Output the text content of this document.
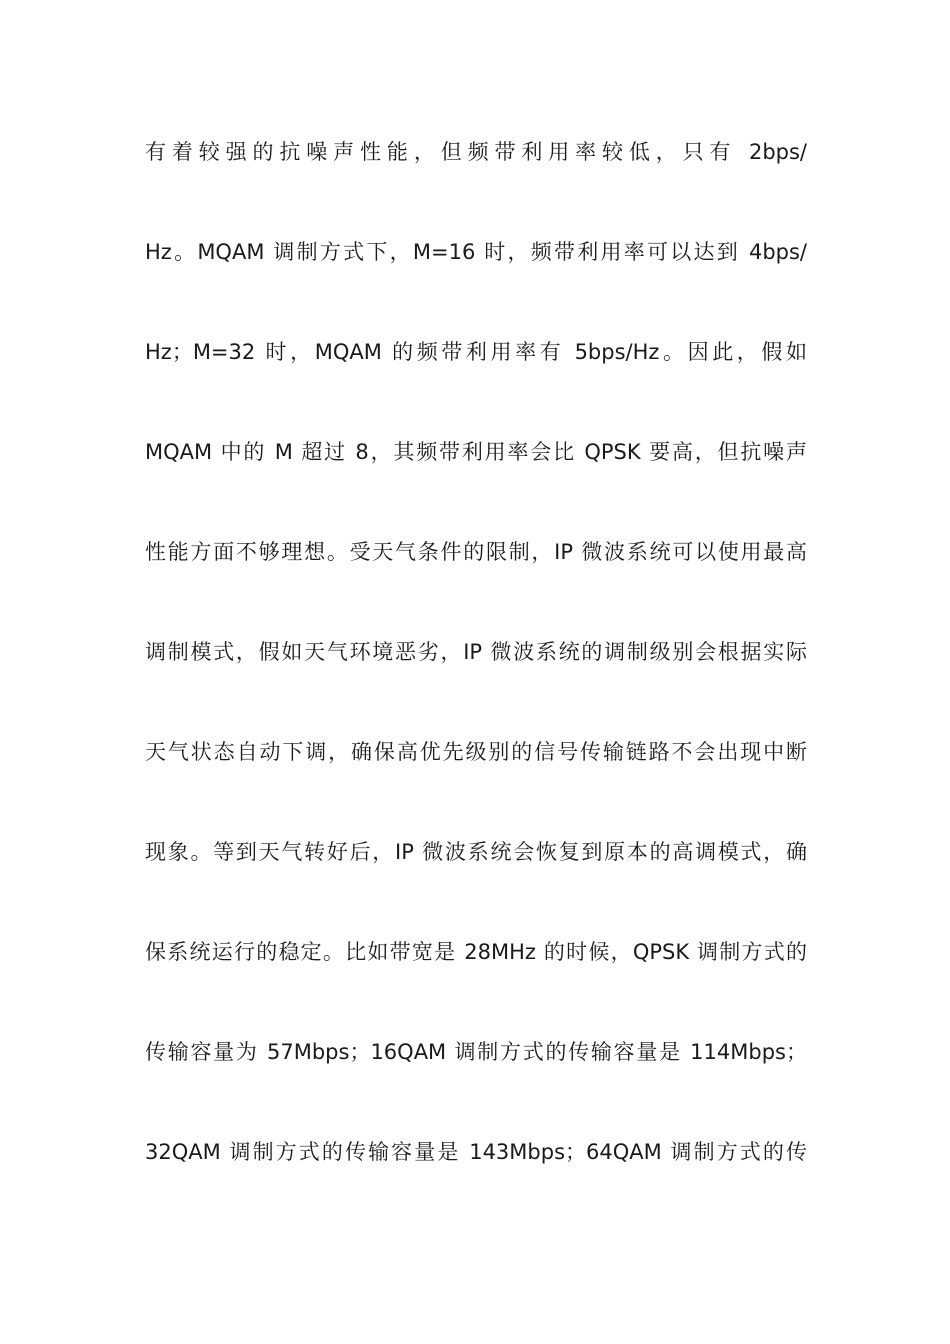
有着较强的抗噪声性能，但频带利用率较低，只有 2bps/
Hz。MQAM 调制方式下，M=16 时，频带利用率可以达到 4bps/
Hz；M=32 时，MQAM 的频带利用率有 5bps/Hz。因此，假如
MQAM 中的 M 超过 8，其频带利用率会比 QPSK 要高，但抗噪声
性能方面不够理想。受天气条件的限制，IP 微波系统可以使用最高
调制模式，假如天气环境恶劣，IP 微波系统的调制级别会根据实际
天气状态自动下调，确保高优先级别的信号传输链路不会出现中断
现象。等到天气转好后，IP 微波系统会恢复到原本的高调模式，确
保系统运行的稳定。比如带宽是 28MHz 的时候，QPSK 调制方式的
传输容量为 57Mbps；16QAM 调制方式的传输容量是 114Mbps；
32QAM 调制方式的传输容量是 143Mbps；64QAM 调制方式的传
